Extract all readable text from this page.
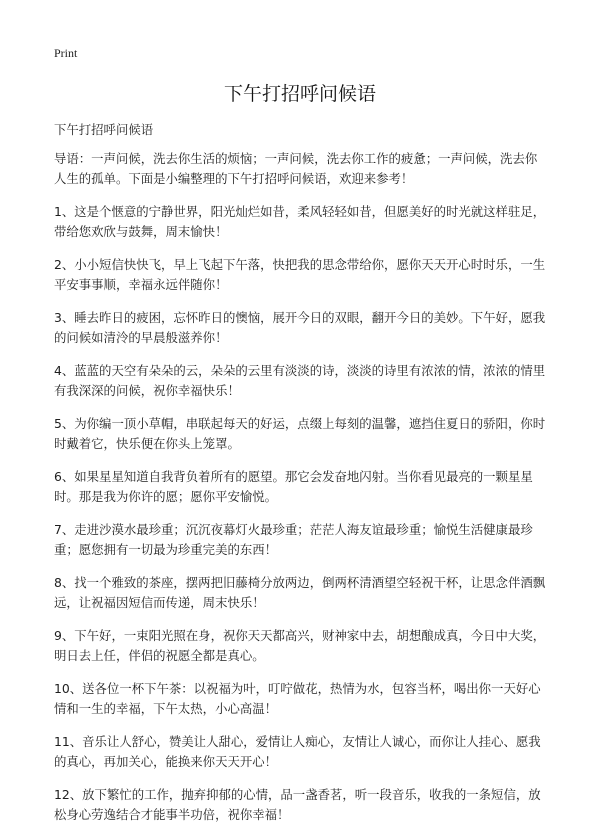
Print
下午打招呼问候语

下午打招呼问候语

导语：一声问候，洗去你生活的烦恼；一声问候，洗去你工作的疲惫；一声问候，洗去你人生的孤单。下面是小编整理的下午打招呼问候语，欢迎来参考！

1、这是个惬意的宁静世界，阳光灿烂如昔，柔风轻轻如昔，但愿美好的时光就这样驻足，带给您欢欣与鼓舞，周末愉快！

2、小小短信快快飞，早上飞起下午落，快把我的思念带给你，愿你天天开心时时乐，一生平安事事顺，幸福永远伴随你！

3、睡去昨日的疲困，忘怀昨日的懊恼，展开今日的双眼，翻开今日的美妙。下午好，愿我的问候如清泠的早晨般滋养你！

4、蓝蓝的天空有朵朵的云，朵朵的云里有淡淡的诗，淡淡的诗里有浓浓的情，浓浓的情里有我深深的问候，祝你幸福快乐！

5、为你编一顶小草帽，串联起每天的好运，点缀上每刻的温馨，遮挡住夏日的骄阳，你时时戴着它，快乐便在你头上笼罩。

6、如果星星知道自我背负着所有的愿望。那它会发奋地闪射。当你看见最亮的一颗星星时。那是我为你许的愿；愿你平安愉悦。

7、走进沙漠水最珍重；沉沉夜幕灯火最珍重；茫茫人海友谊最珍重；愉悦生活健康最珍重；愿您拥有一切最为珍重完美的东西！

8、找一个雅致的茶座，摆两把旧藤椅分放两边，倒两杯清酒望空轻祝干杯，让思念伴酒飘远，让祝福因短信而传递，周末快乐！

9、下午好，一束阳光照在身，祝你天天都高兴，财神家中去，胡想酿成真，今日中大奖，明日去上任，伴侣的祝愿全都是真心。

10、送各位一杯下午茶：以祝福为叶，叮咛做花，热情为水，包容当杯，喝出你一天好心情和一生的幸福，下午太热，小心高温！

11、音乐让人舒心，赞美让人甜心，爱情让人痴心，友情让人诚心，而你让人挂心、愿我的真心，再加关心，能换来你天天开心！

12、放下繁忙的工作，抛弃抑郁的心情，品一盏香茗，听一段音乐，收我的一条短信，放松身心劳逸结合才能事半功倍，祝你幸福！
